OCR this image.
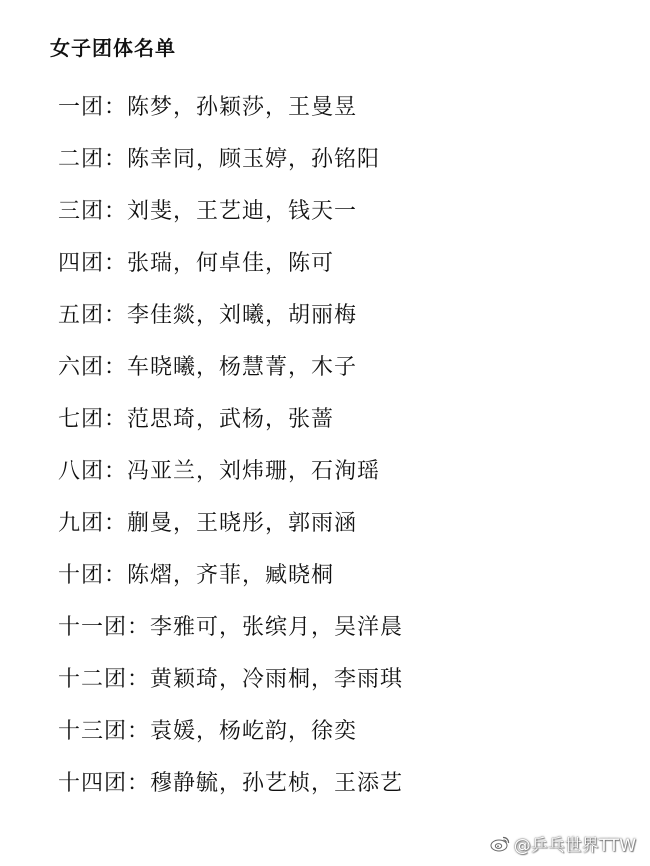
女子团体名单
一团：陈梦，孙颖莎，王曼昱
二团：陈幸同，顾玉婷，孙铭阳
三团：刘斐，王艺迪，钱天一
四团：张瑞，何卓佳，陈可
五团：李佳燚，刘曦，胡丽梅
六团：车晓曦，杨慧菁，木子
七团：范思琦，武杨，张蔷
八团：冯亚兰，刘炜珊，石洵瑶
九团：蒯曼，王晓彤，郭雨涵
十团：陈熠，齐菲，臧晓桐
十一团：李雅可，张缤月，吴洋晨
十二团：黄颖琦，冷雨桐，李雨琪
十三团：袁媛，杨屹韵，徐奕
十四团：穆静毓，孙艺桢，王添艺
@乒乓世界TTW
